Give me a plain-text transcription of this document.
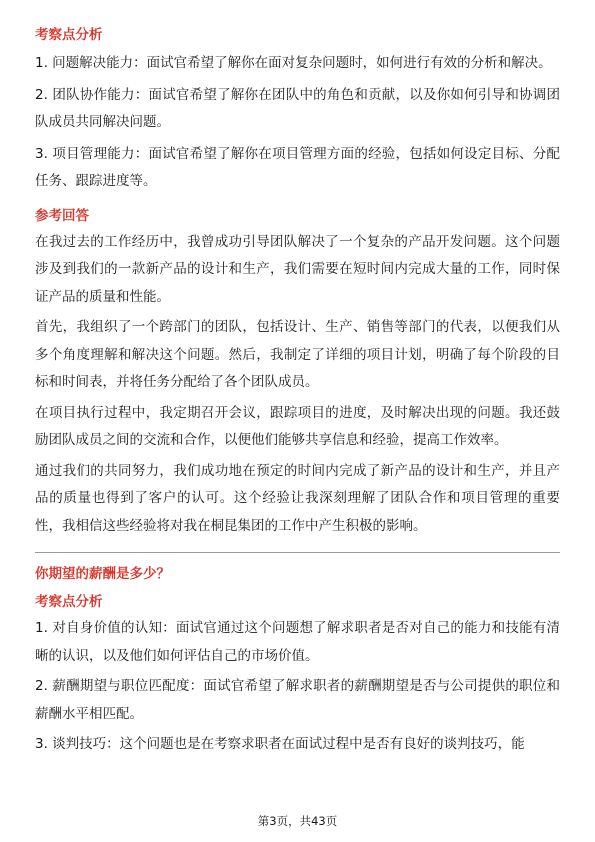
考察点分析

1. 问题解决能力：面试官希望了解你在面对复杂问题时，如何进行有效的分析和解决。

2. 团队协作能力：面试官希望了解你在团队中的角色和贡献，以及你如何引导和协调团队成员共同解决问题。

3. 项目管理能力：面试官希望了解你在项目管理方面的经验，包括如何设定目标、分配任务、跟踪进度等。

参考回答

在我过去的工作经历中，我曾成功引导团队解决了一个复杂的产品开发问题。这个问题涉及到我们的一款新产品的设计和生产，我们需要在短时间内完成大量的工作，同时保证产品的质量和性能。

首先，我组织了一个跨部门的团队，包括设计、生产、销售等部门的代表，以便我们从多个角度理解和解决这个问题。然后，我制定了详细的项目计划，明确了每个阶段的目标和时间表，并将任务分配给了各个团队成员。

在项目执行过程中，我定期召开会议，跟踪项目的进度，及时解决出现的问题。我还鼓励团队成员之间的交流和合作，以便他们能够共享信息和经验，提高工作效率。

通过我们的共同努力，我们成功地在预定的时间内完成了新产品的设计和生产，并且产品的质量也得到了客户的认可。这个经验让我深刻理解了团队合作和项目管理的重要性，我相信这些经验将对我在桐昆集团的工作中产生积极的影响。

你期望的薪酬是多少？
考察点分析

1. 对自身价值的认知：面试官通过这个问题想了解求职者是否对自己的能力和技能有清晰的认识，以及他们如何评估自己的市场价值。

2. 薪酬期望与职位匹配度：面试官希望了解求职者的薪酬期望是否与公司提供的职位和薪酬水平相匹配。

3. 谈判技巧：这个问题也是在考察求职者在面试过程中是否有良好的谈判技巧，能

第3页，共43页
